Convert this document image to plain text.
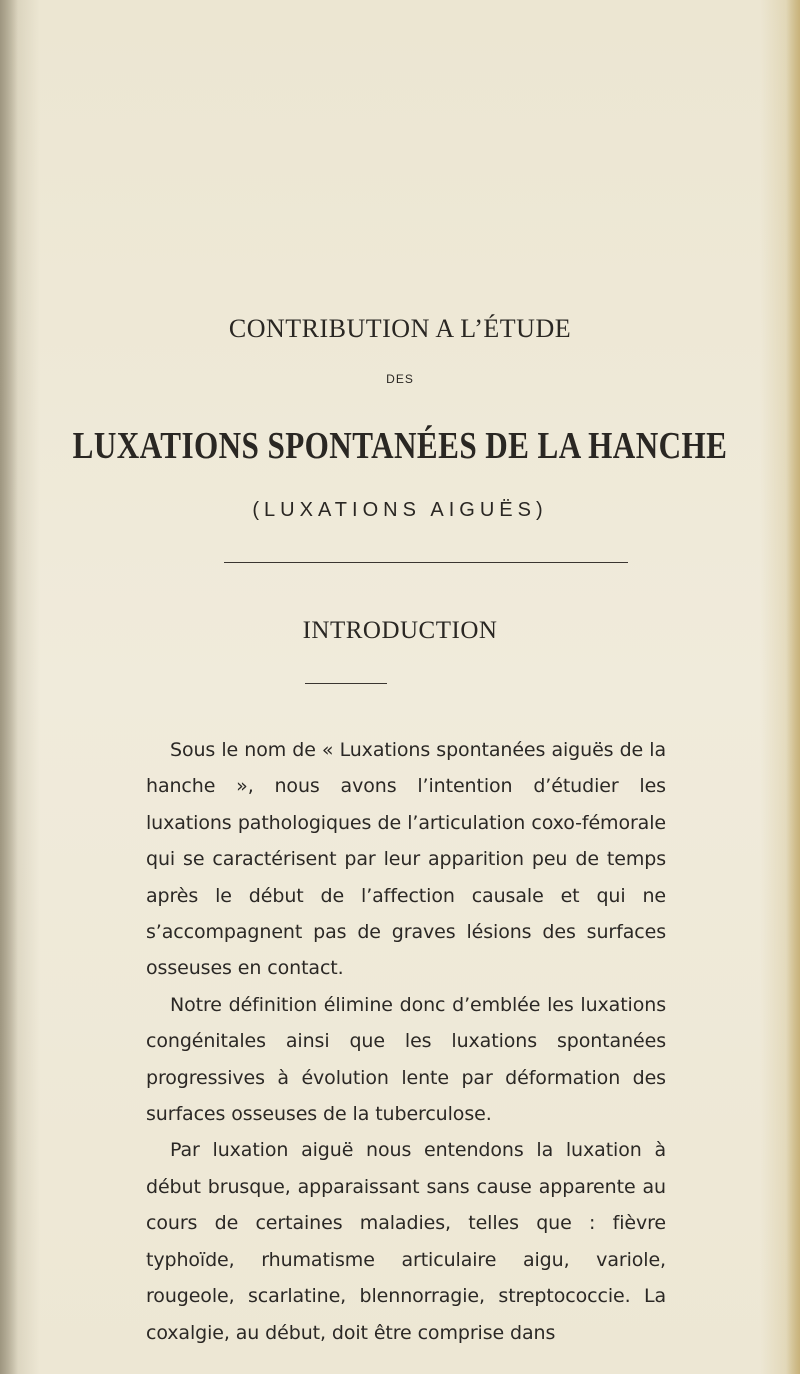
CONTRIBUTION A L’ÉTUDE
DES
LUXATIONS SPONTANÉES DE LA HANCHE
(LUXATIONS AIGUËS)
INTRODUCTION

Sous le nom de « Luxations spontanées aiguës de la hanche », nous avons l’intention d’étudier les luxations pathologiques de l’articulation coxo-fémorale qui se caractérisent par leur apparition peu de temps après le début de l’affection causale et qui ne s’accompagnent pas de graves lésions des surfaces osseuses en contact.

Notre définition élimine donc d’emblée les luxations congénitales ainsi que les luxations spontanées progressives à évolution lente par déformation des surfaces osseuses de la tuberculose.

Par luxation aiguë nous entendons la luxation à début brusque, apparaissant sans cause apparente au cours de certaines maladies, telles que : fièvre typhoïde, rhumatisme articulaire aigu, variole, rougeole, scarlatine, blennorragie, streptococcie. La coxalgie, au début, doit être comprise dans
